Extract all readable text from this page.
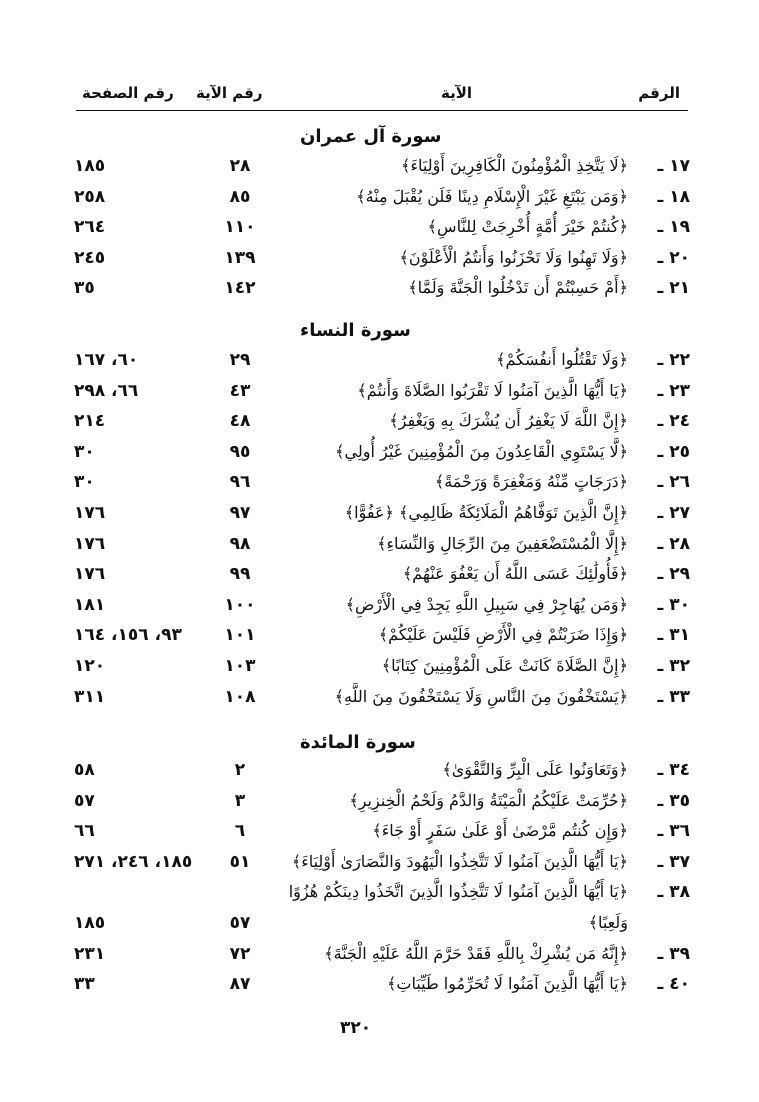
الرقم
الآية
رقم الآية
رقم الصفحة
سورة آل عمران
١٧ ـ
﴿لَا يَتَّخِذِ الْمُؤْمِنُونَ الْكَافِرِينَ أَوْلِيَاءَ﴾
٢٨
١٨٥
١٨ ـ
﴿وَمَن يَبْتَغِ غَيْرَ الْإِسْلَامِ دِينًا فَلَن يُقْبَلَ مِنْهُ﴾
٨٥
٢٥٨
١٩ ـ
﴿كُنتُمْ خَيْرَ أُمَّةٍ أُخْرِجَتْ لِلنَّاسِ﴾
١١٠
٢٦٤
٢٠ ـ
﴿وَلَا تَهِنُوا وَلَا تَحْزَنُوا وَأَنتُمُ الْأَعْلَوْنَ﴾
١٣٩
٢٤٥
٢١ ـ
﴿أَمْ حَسِبْتُمْ أَن تَدْخُلُوا الْجَنَّةَ وَلَمَّا﴾
١٤٢
٣٥
سورة النساء
٢٢ ـ
﴿وَلَا تَقْتُلُوا أَنفُسَكُمْ﴾
٢٩
٦٠، ١٦٧
٢٣ ـ
﴿يَا أَيُّهَا الَّذِينَ آمَنُوا لَا تَقْرَبُوا الصَّلَاةَ وَأَنتُمْ﴾
٤٣
٦٦، ٢٩٨
٢٤ ـ
﴿إِنَّ اللَّهَ لَا يَغْفِرُ أَن يُشْرَكَ بِهِ وَيَغْفِرُ﴾
٤٨
٢١٤
٢٥ ـ
﴿لَّا يَسْتَوِي الْقَاعِدُونَ مِنَ الْمُؤْمِنِينَ غَيْرُ أُولِي﴾
٩٥
٣٠
٢٦ ـ
﴿دَرَجَاتٍ مِّنْهُ وَمَغْفِرَةً وَرَحْمَةً﴾
٩٦
٣٠
٢٧ ـ
﴿إِنَّ الَّذِينَ تَوَفَّاهُمُ الْمَلَائِكَةُ ظَالِمِي﴾ ﴿عَفُوًّا﴾
٩٧
١٧٦
٢٨ ـ
﴿إِلَّا الْمُسْتَضْعَفِينَ مِنَ الرِّجَالِ وَالنِّسَاءِ﴾
٩٨
١٧٦
٢٩ ـ
﴿فَأُولَٰئِكَ عَسَى اللَّهُ أَن يَعْفُوَ عَنْهُمْ﴾
٩٩
١٧٦
٣٠ ـ
﴿وَمَن يُهَاجِرْ فِي سَبِيلِ اللَّهِ يَجِدْ فِي الْأَرْضِ﴾
١٠٠
١٨١
٣١ ـ
﴿وَإِذَا ضَرَبْتُمْ فِي الْأَرْضِ فَلَيْسَ عَلَيْكُمْ﴾
١٠١
٩٣، ١٥٦، ١٦٤
٣٢ ـ
﴿إِنَّ الصَّلَاةَ كَانَتْ عَلَى الْمُؤْمِنِينَ كِتَابًا﴾
١٠٣
١٢٠
٣٣ ـ
﴿يَسْتَخْفُونَ مِنَ النَّاسِ وَلَا يَسْتَخْفُونَ مِنَ اللَّهِ﴾
١٠٨
٣١١
سورة المائدة
٣٤ ـ
﴿وَتَعَاوَنُوا عَلَى الْبِرِّ وَالتَّقْوَىٰ﴾
٢
٥٨
٣٥ ـ
﴿حُرِّمَتْ عَلَيْكُمُ الْمَيْتَةُ وَالدَّمُ وَلَحْمُ الْخِنزِيرِ﴾
٣
٥٧
٣٦ ـ
﴿وَإِن كُنتُم مَّرْضَىٰ أَوْ عَلَىٰ سَفَرٍ أَوْ جَاءَ﴾
٦
٦٦
٣٧ ـ
﴿يَا أَيُّهَا الَّذِينَ آمَنُوا لَا تَتَّخِذُوا الْيَهُودَ وَالنَّصَارَىٰ أَوْلِيَاءَ﴾
٥١
١٨٥، ٢٤٦، ٢٧١
٣٨ ـ
﴿يَا أَيُّهَا الَّذِينَ آمَنُوا لَا تَتَّخِذُوا الَّذِينَ اتَّخَذُوا دِينَكُمْ هُزُوًا
وَلَعِبًا﴾
٥٧
١٨٥
٣٩ ـ
﴿إِنَّهُ مَن يُشْرِكْ بِاللَّهِ فَقَدْ حَرَّمَ اللَّهُ عَلَيْهِ الْجَنَّةَ﴾
٧٢
٢٣١
٤٠ ـ
﴿يَا أَيُّهَا الَّذِينَ آمَنُوا لَا تُحَرِّمُوا طَيِّبَاتِ﴾
٨٧
٣٣
٣٢٠
